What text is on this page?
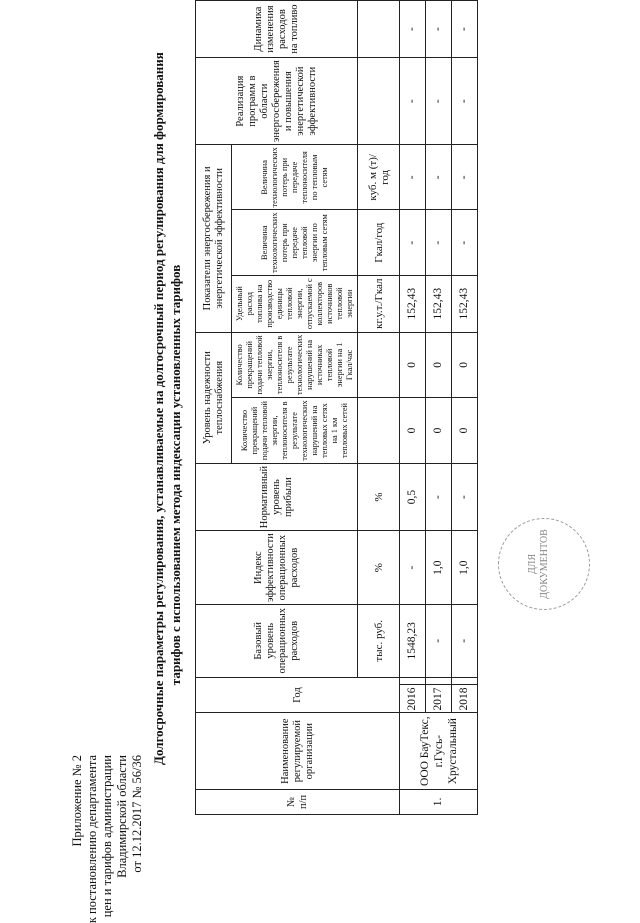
Приложение № 2 к постановлению департамента цен и тарифов администрации Владимирской области от 12.12.2017 № 56/36
Долгосрочные параметры регулирования, устанавливаемые на долгосрочный период регулирования для формирования тарифов с использованием метода индексации установленных тарифов	ДЛЯ ДОКУМЕНТОВ
№ п/п	Наименование регулируемой организации	Год		Базовый уровень операционных расходов	Индекс эффективности операционных расходов	Нормативный уровень прибыли	Уровень надежности теплоснабжения		Показатели энергосбережения и энергетической эффективности			Реализация программ в области энергосбережения и повышения энергетической эффективности	Динамика изменения расходов на топливо
							Количество прекращений подачи тепловой энергии, теплоносителя в результате технологических нарушений на тепловых сетях на 1 км тепловых сетей	Количество прекращений подачи тепловой энергии, теплоносителя в результате технологических нарушений на источниках тепловой энергии на 1 Гкал/час	Удельный расход топлива на производство единицы тепловой энергии, отпускаемой с коллекторов источников тепловой энергии	Величина технологических потерь при передаче тепловой энергии по тепловым сетям	Величина технологических потерь при передаче теплоносителя по тепловым сетям		
				тыс. руб.	%	%			кг.у.т./Гкал	Гкал/год	куб. м (т)/год		
1.	ООО БауТекс, г.Гусь-Хрустальный	2016		1548,23	-	0,5	0	0	152,43	-	-	-	-
		2017		-	1,0	-	0	0	152,43	-	-	-	-
		2018		-	1,0	-	0	0	152,43	-	-	-	-
